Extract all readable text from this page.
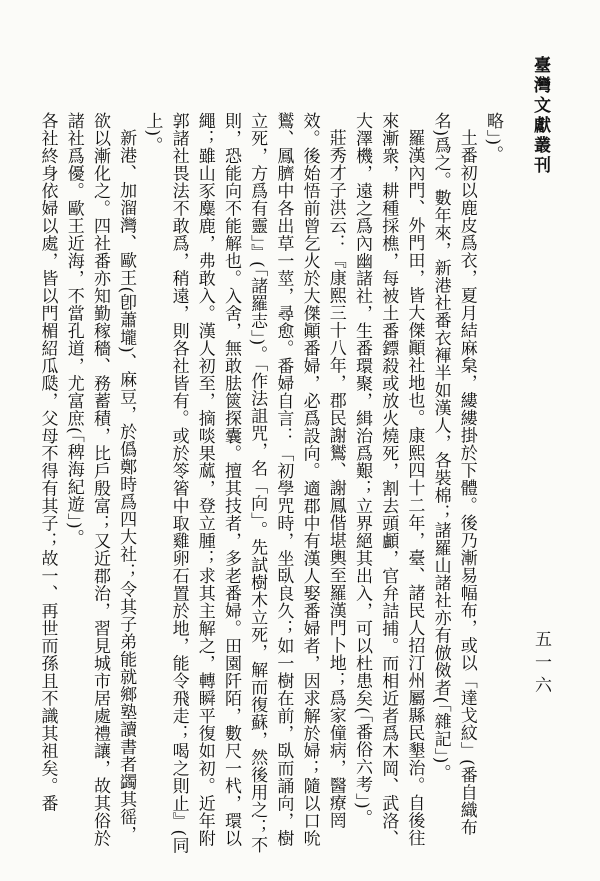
臺灣文獻叢刊
五一六

略」)。

土番初以鹿皮爲衣，夏月結麻枲，縷縷掛於下體。後乃漸易幅布，或以「達戈紋」(番自織布名)爲之。數年來，新港社番衣褌半如漢人，各裝棉；諸羅山諸社亦有倣傚者(「雜記」)。

羅漢內門、外門田，皆大傑顚社地也。康熙四十二年，臺、諸民人招汀州屬縣民墾治。自後往來漸衆，耕種採樵，每被土番鏢殺或放火燒死，割去頭顱，官弁詰捕。而相近者爲木岡、武洛、大澤機，遠之爲內幽諸社，生番環聚，緝治爲艱；立界絕其出入，可以杜患矣(「番俗六考」)。

莊秀才子洪云：『康熙三十八年，郡民謝鸑、謝鳳偕堪輿至羅漢門卜地；爲家僮病，醫療罔效。後始悟前曾乞火於大傑顚番婦，必爲設向。適郡中有漢人娶番婦者，因求解於婦；隨以口吮鸑、鳳臍中各出草一莖，尋愈。番婦自言：「初學咒時，坐臥良久；如一樹在前，臥而誦向，樹立死，方爲有靈」』(「諸羅志」)。「作法詛咒，名「向」。先試樹木立死，解而復蘇，然後用之；不則，恐能向不能解也。入舍，無敢胠篋探囊。擅其技者，多老番婦。田園阡陌，數尺一杙，環以繩；雖山豕麋鹿，弗敢入。漢人初至，摘啖果蓏，登立腫；求其主解之，轉瞬平復如初。近年附郭諸社畏法不敢爲，稍遠，則各社皆有。或於笭箵中取雞卵石置於地，能令飛走；喝之則止』(同上)。

新港、加溜灣、歐王(卽蕭壠)、麻豆，於僞鄭時爲四大社；令其子弟能就鄉塾讀書者蠲其徭，欲以漸化之。四社番亦知勤稼穡、務蓄積，比戶殷富；又近郡治，習見城市居處禮讓，故其俗於諸社爲優。歐王近海，不當孔道，尤富庶(「稗海紀遊」)。

各社終身依婦以處，皆以門楣紹瓜瓞，父母不得有其子；故一、再世而孫且不識其祖矣。番
